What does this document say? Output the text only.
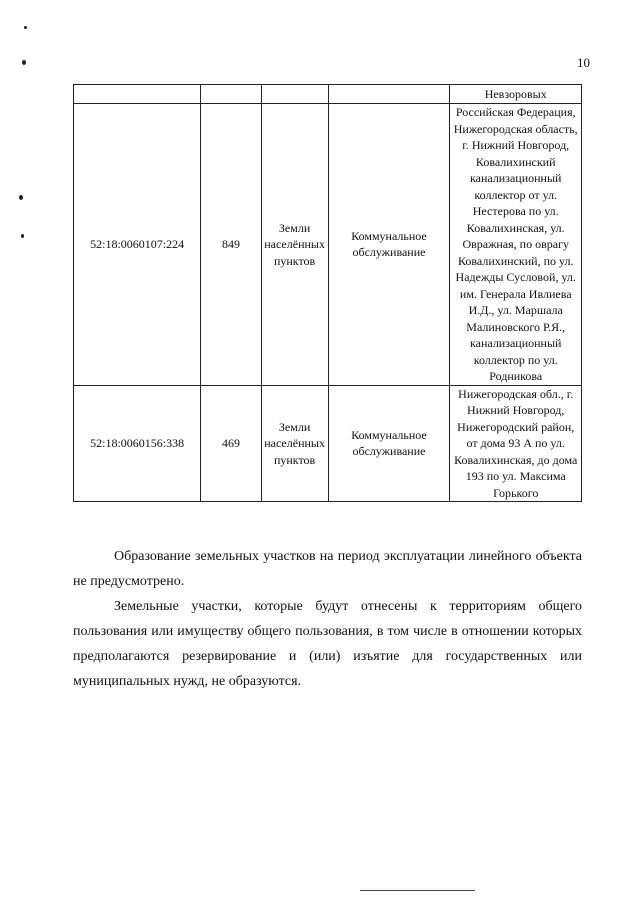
10
				Невзоровых
52:18:0060107:224	849	Земли населённых пунктов	Коммунальное обслуживание	Российская Федерация, Нижегородская область, г. Нижний Новгород, Ковалихинский канализационный коллектор от ул. Нестерова по ул. Ковалихинская, ул. Овражная, по оврагу Ковалихинский, по ул. Надежды Сусловой, ул. им. Генерала Ивлиева И.Д., ул. Маршала Малиновского Р.Я., канализационный коллектор по ул. Родникова
52:18:0060156:338	469	Земли населённых пунктов	Коммунальное обслуживание	Нижегородская обл., г. Нижний Новгород, Нижегородский район, от дома 93 А по ул. Ковалихинская, до дома 193 по ул. Максима Горького

Образование земельных участков на период эксплуатации линейного объекта не предусмотрено.

Земельные участки, которые будут отнесены к территориям общего пользования или имуществу общего пользования, в том числе в отношении которых предполагаются резервирование и (или) изъятие для государственных или муниципальных нужд, не образуются.
